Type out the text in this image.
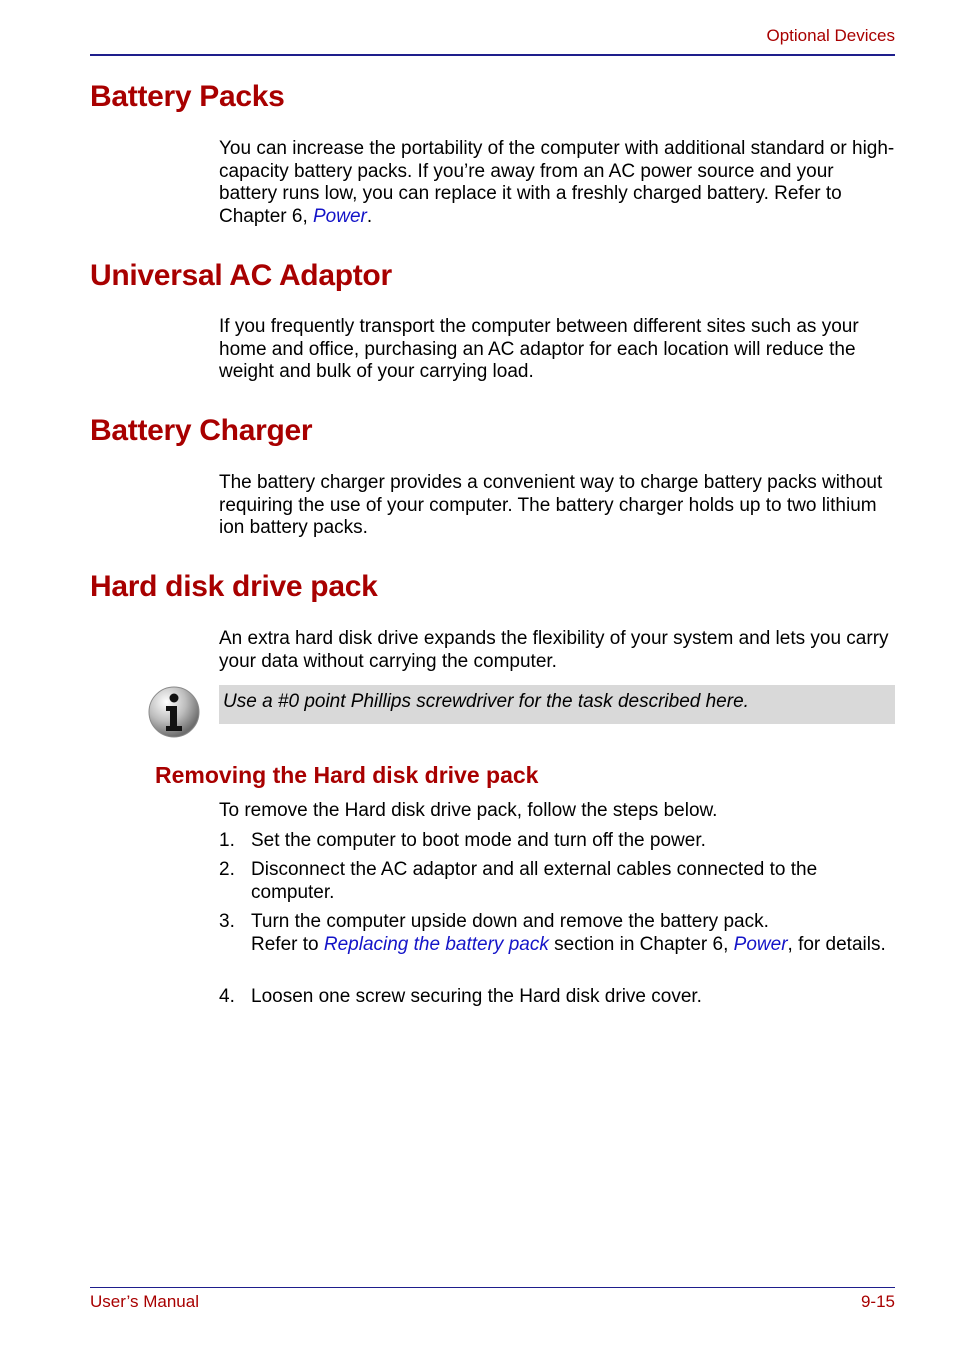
Optional Devices
Battery Packs

You can increase the portability of the computer with additional standard or high-capacity battery packs. If you’re away from an AC power source and your battery runs low, you can replace it with a freshly charged battery. Refer to Chapter 6, Power.

Universal AC Adaptor

If you frequently transport the computer between different sites such as your home and office, purchasing an AC adaptor for each location will reduce the weight and bulk of your carrying load.

Battery Charger

The battery charger provides a convenient way to charge battery packs without requiring the use of your computer. The battery charger holds up to two lithium ion battery packs.

Hard disk drive pack

An extra hard disk drive expands the flexibility of your system and lets you carry your data without carrying the computer.

Use a #0 point Phillips screwdriver for the task described here.
Removing the Hard disk drive pack

To remove the Hard disk drive pack, follow the steps below.

1. Set the computer to boot mode and turn off the power.
2. Disconnect the AC adaptor and all external cables connected to the computer.
3. Turn the computer upside down and remove the battery pack.
Refer to Replacing the battery pack section in Chapter 6, Power, for details.
4. Loosen one screw securing the Hard disk drive cover.
User’s Manual	9-15
